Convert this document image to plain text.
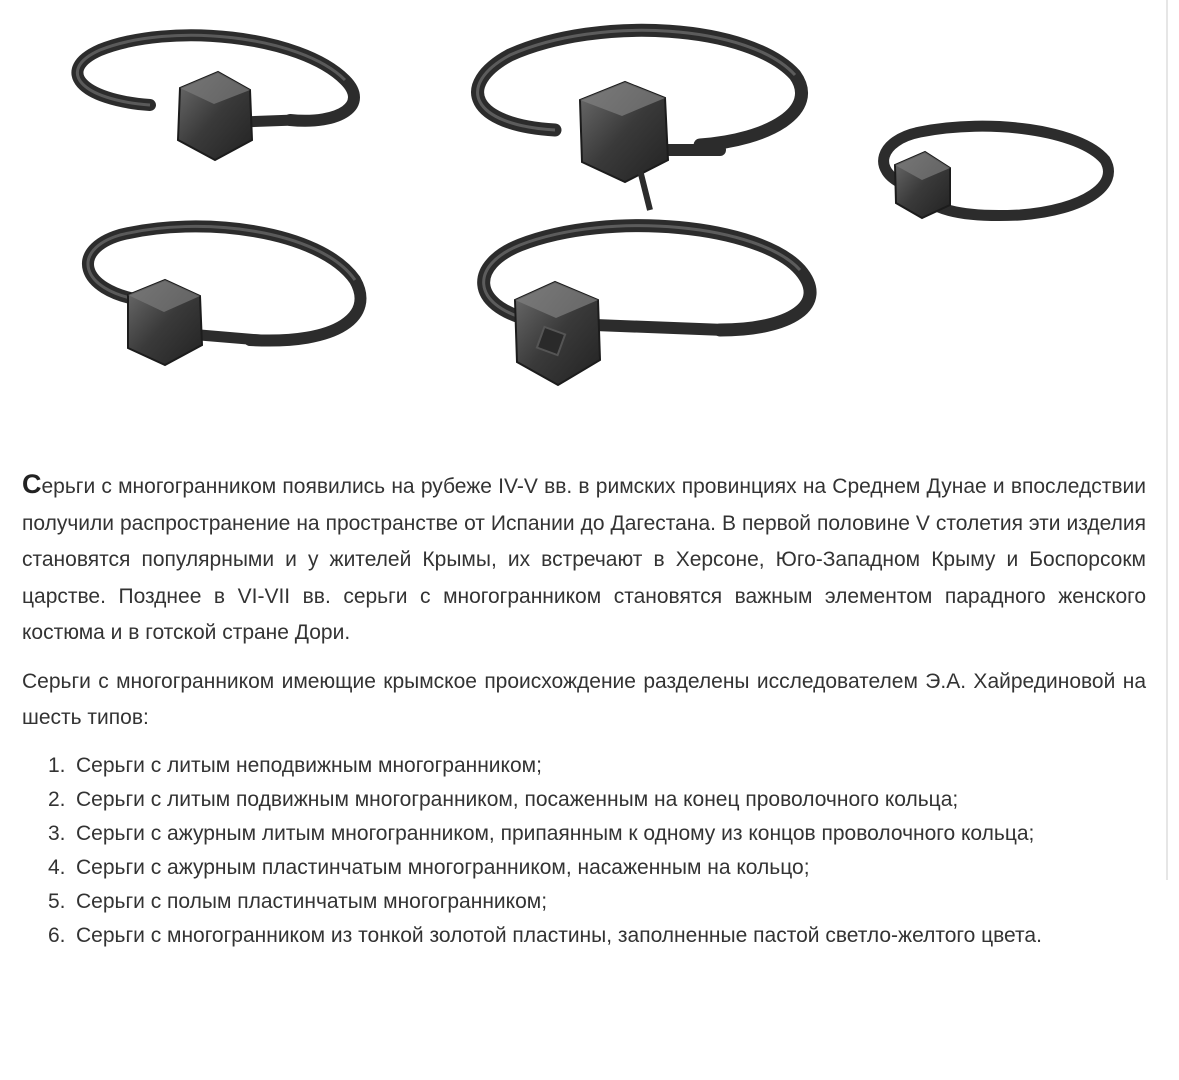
Серьги с многогранником появились на рубеже IV-V вв. в римских провинциях на Среднем Дунае и впоследствии получили распространение на пространстве от Испании до Дагестана. В первой половине V столетия эти изделия становятся популярными и у жителей Крымы, их встречают в Херсоне, Юго-Западном Крыму и Боспорсокм царстве. Позднее в VI-VII вв. серьги с многогранником становятся важным элементом парадного женского костюма и в готской стране Дори.

Серьги с многогранником имеющие крымское происхождение разделены исследователем Э.А. Хайрединовой на шесть типов:

1. Серьги с литым неподвижным многогранником;
2. Серьги с литым подвижным многогранником, посаженным на конец проволочного кольца;
3. Серьги с ажурным литым многогранником, припаянным к одному из концов проволочного кольца;
4. Серьги с ажурным пластинчатым многогранником, насаженным на кольцо;
5. Серьги с полым пластинчатым многогранником;
6. Серьги с многогранником из тонкой золотой пластины, заполненные пастой светло-желтого цвета.
